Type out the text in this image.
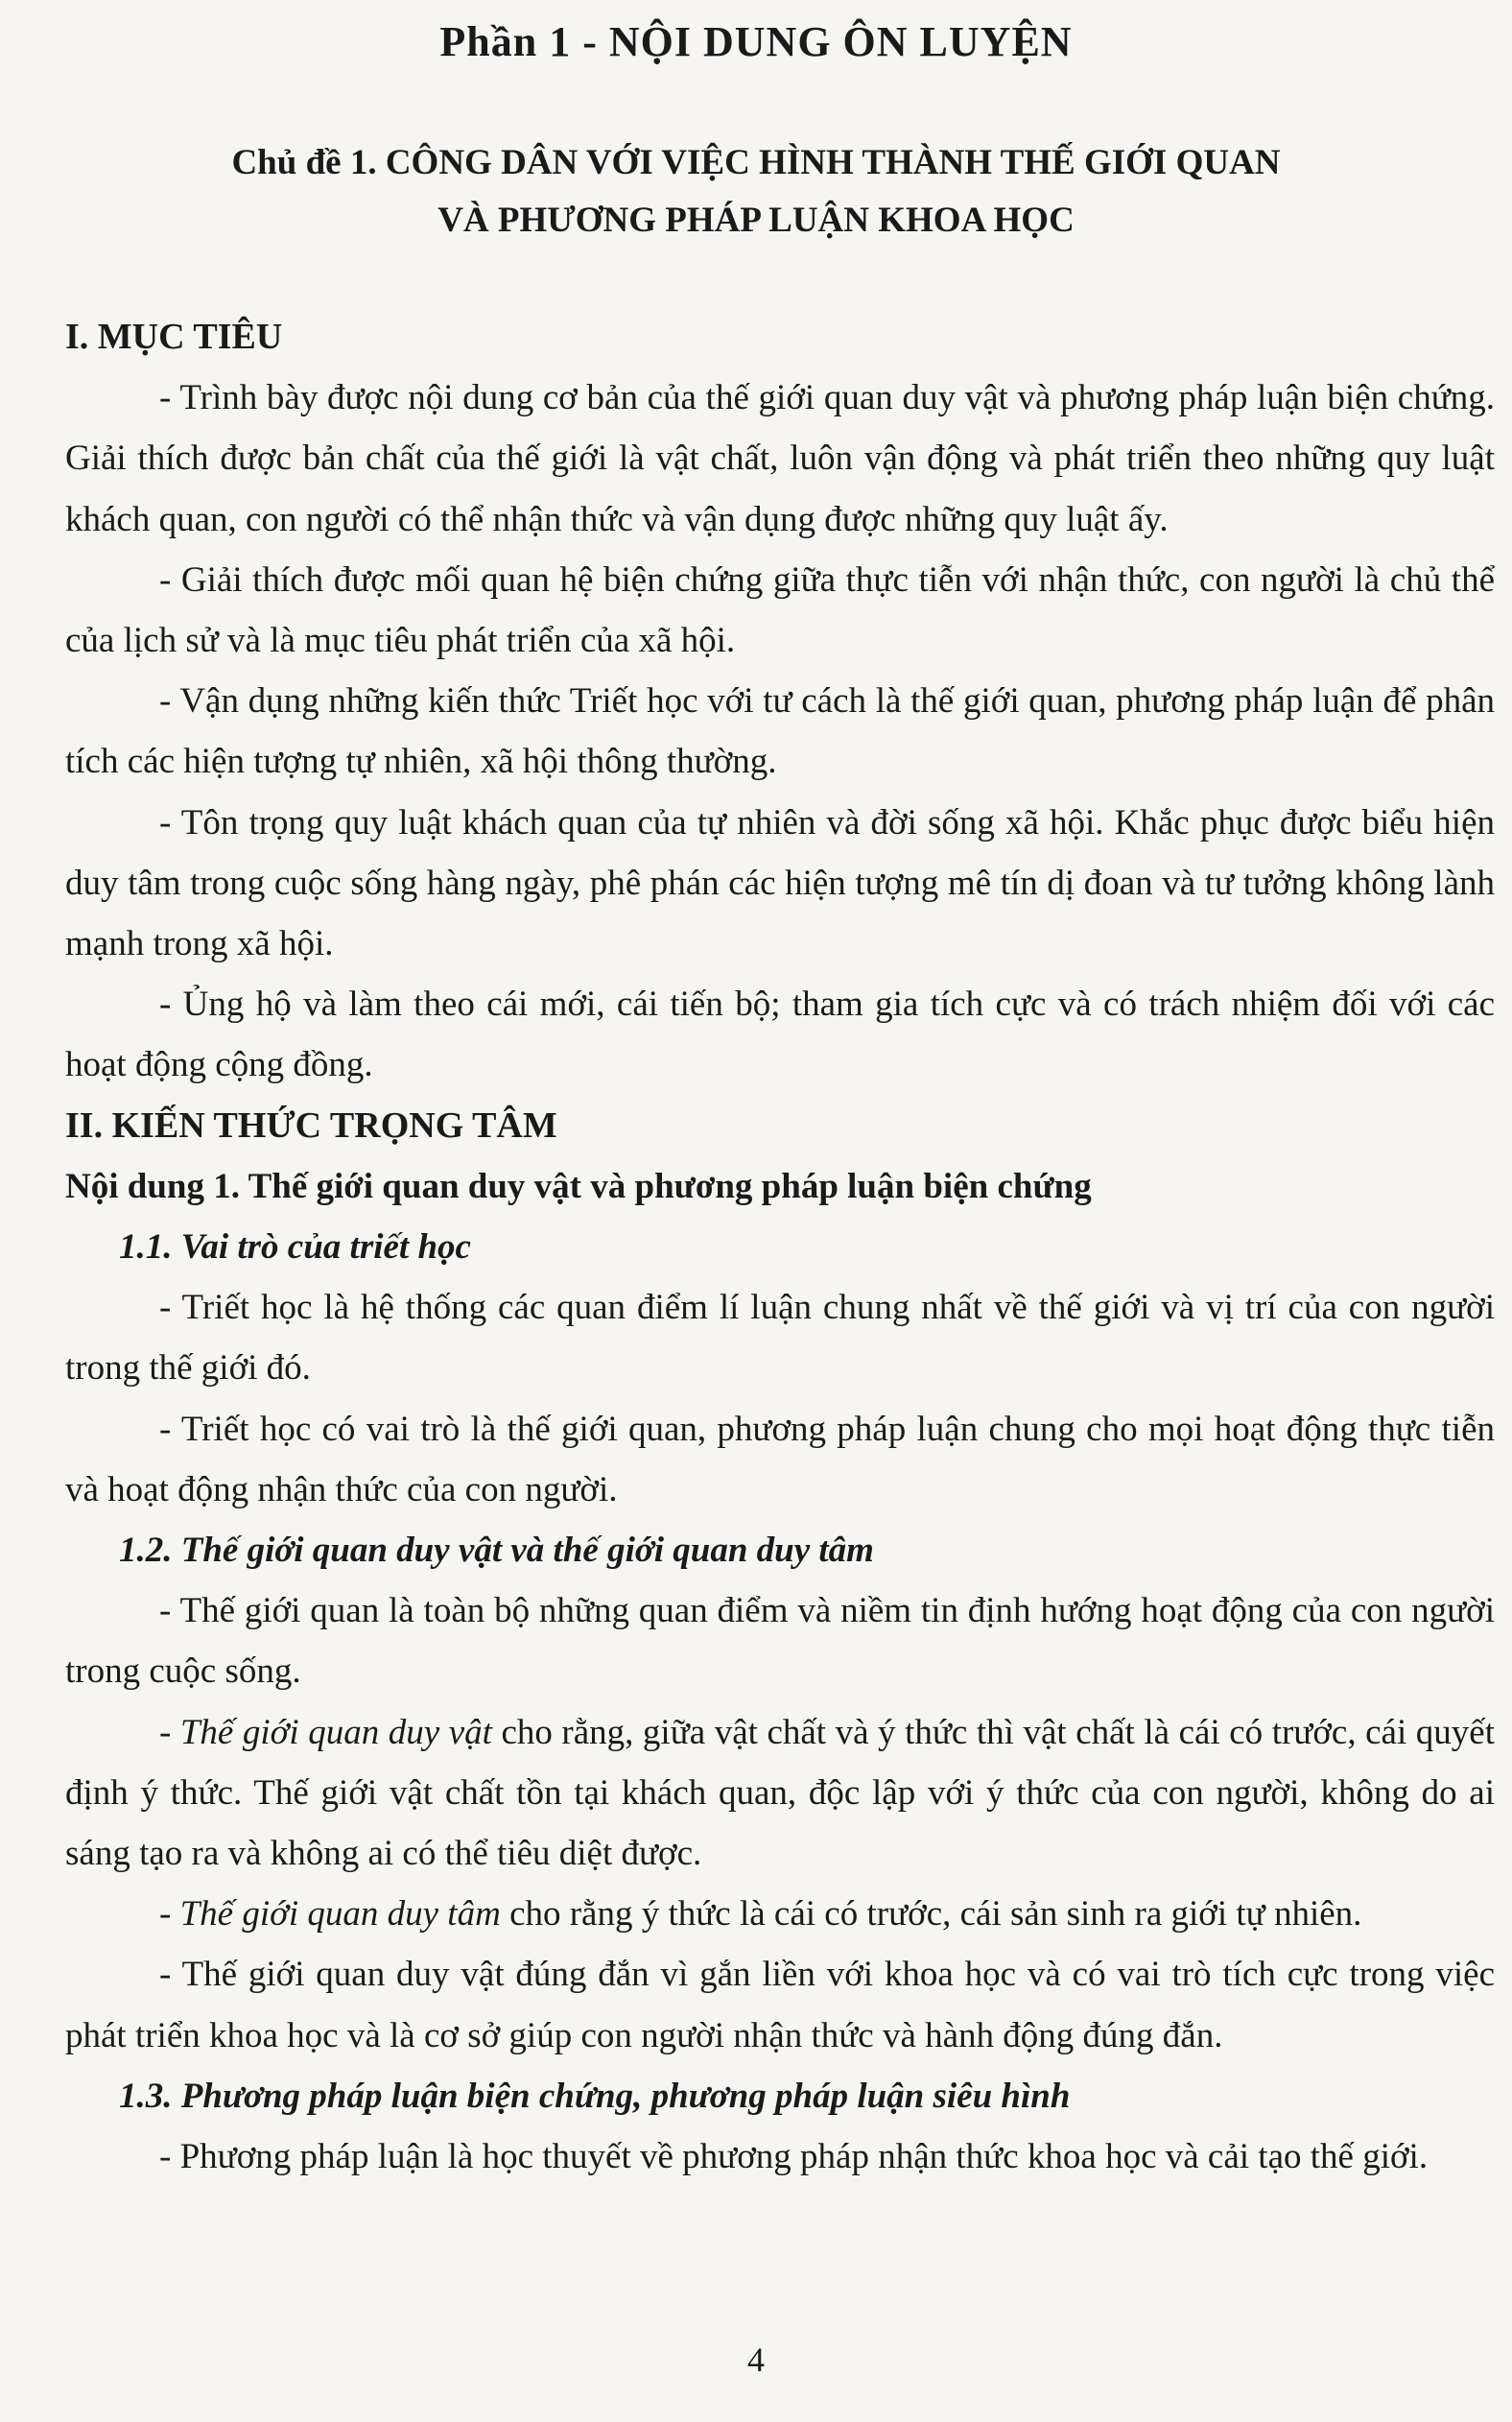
Phần 1 - NỘI DUNG ÔN LUYỆN
Chủ đề 1. CÔNG DÂN VỚI VIỆC HÌNH THÀNH THẾ GIỚI QUAN
VÀ PHƯƠNG PHÁP LUẬN KHOA HỌC

I. MỤC TIÊU

- Trình bày được nội dung cơ bản của thế giới quan duy vật và phương pháp luận biện chứng. Giải thích được bản chất của thế giới là vật chất, luôn vận động và phát triển theo những quy luật khách quan, con người có thể nhận thức và vận dụng được những quy luật ấy.

- Giải thích được mối quan hệ biện chứng giữa thực tiễn với nhận thức, con người là chủ thể của lịch sử và là mục tiêu phát triển của xã hội.

- Vận dụng những kiến thức Triết học với tư cách là thế giới quan, phương pháp luận để phân tích các hiện tượng tự nhiên, xã hội thông thường.

- Tôn trọng quy luật khách quan của tự nhiên và đời sống xã hội. Khắc phục được biểu hiện duy tâm trong cuộc sống hàng ngày, phê phán các hiện tượng mê tín dị đoan và tư tưởng không lành mạnh trong xã hội.

- Ủng hộ và làm theo cái mới, cái tiến bộ; tham gia tích cực và có trách nhiệm đối với các hoạt động cộng đồng.

II. KIẾN THỨC TRỌNG TÂM

Nội dung 1. Thế giới quan duy vật và phương pháp luận biện chứng

1.1. Vai trò của triết học

- Triết học là hệ thống các quan điểm lí luận chung nhất về thế giới và vị trí của con người trong thế giới đó.

- Triết học có vai trò là thế giới quan, phương pháp luận chung cho mọi hoạt động thực tiễn và hoạt động nhận thức của con người.

1.2. Thế giới quan duy vật và thế giới quan duy tâm

- Thế giới quan là toàn bộ những quan điểm và niềm tin định hướng hoạt động của con người trong cuộc sống.

- Thế giới quan duy vật cho rằng, giữa vật chất và ý thức thì vật chất là cái có trước, cái quyết định ý thức. Thế giới vật chất tồn tại khách quan, độc lập với ý thức của con người, không do ai sáng tạo ra và không ai có thể tiêu diệt được.

- Thế giới quan duy tâm cho rằng ý thức là cái có trước, cái sản sinh ra giới tự nhiên.

- Thế giới quan duy vật đúng đắn vì gắn liền với khoa học và có vai trò tích cực trong việc phát triển khoa học và là cơ sở giúp con người nhận thức và hành động đúng đắn.

1.3. Phương pháp luận biện chứng, phương pháp luận siêu hình

- Phương pháp luận là học thuyết về phương pháp nhận thức khoa học và cải tạo thế giới.

4
